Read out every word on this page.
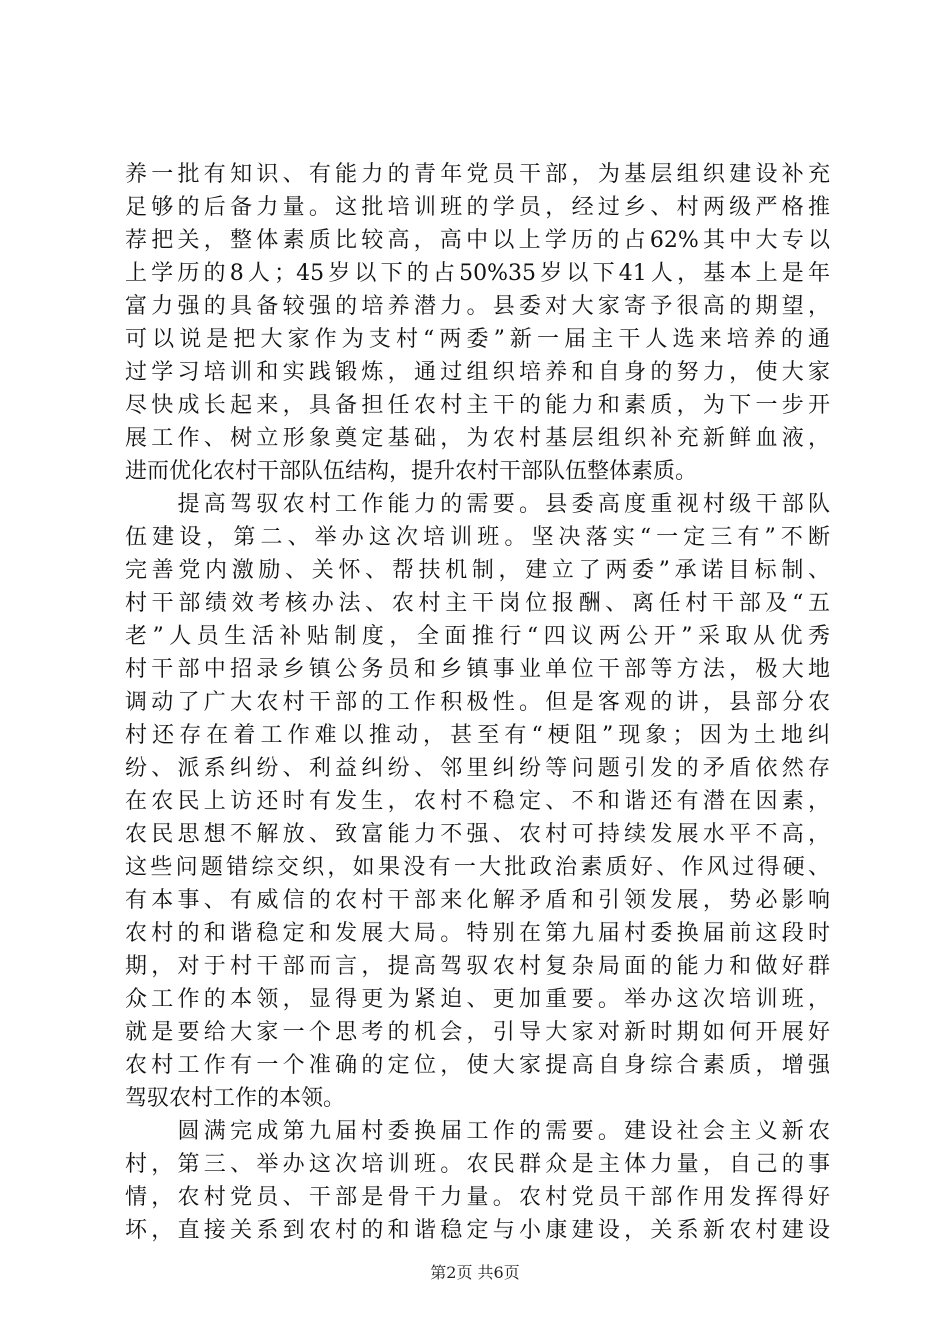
养一批有知识、有能力的青年党员干部，为基层组织建设补充
足够的后备力量。这批培训班的学员，经过乡、村两级严格推
荐把关，整体素质比较高，高中以上学历的占62%其中大专以
上学历的8人；45岁以下的占50%35岁以下41人，基本上是年
富力强的具备较强的培养潜力。县委对大家寄予很高的期望，
可以说是把大家作为支村“两委”新一届主干人选来培养的通
过学习培训和实践锻炼，通过组织培养和自身的努力，使大家
尽快成长起来，具备担任农村主干的能力和素质，为下一步开
展工作、树立形象奠定基础，为农村基层组织补充新鲜血液，
进而优化农村干部队伍结构，提升农村干部队伍整体素质。
　　提高驾驭农村工作能力的需要。县委高度重视村级干部队
伍建设，第二、举办这次培训班。坚决落实“一定三有”不断
完善党内激励、关怀、帮扶机制，建立了两委”承诺目标制、
村干部绩效考核办法、农村主干岗位报酬、离任村干部及“五
老”人员生活补贴制度，全面推行“四议两公开”采取从优秀
村干部中招录乡镇公务员和乡镇事业单位干部等方法，极大地
调动了广大农村干部的工作积极性。但是客观的讲，县部分农
村还存在着工作难以推动，甚至有“梗阻”现象；因为土地纠
纷、派系纠纷、利益纠纷、邻里纠纷等问题引发的矛盾依然存
在农民上访还时有发生，农村不稳定、不和谐还有潜在因素，
农民思想不解放、致富能力不强、农村可持续发展水平不高，
这些问题错综交织，如果没有一大批政治素质好、作风过得硬、
有本事、有威信的农村干部来化解矛盾和引领发展，势必影响
农村的和谐稳定和发展大局。特别在第九届村委换届前这段时
期，对于村干部而言，提高驾驭农村复杂局面的能力和做好群
众工作的本领，显得更为紧迫、更加重要。举办这次培训班，
就是要给大家一个思考的机会，引导大家对新时期如何开展好
农村工作有一个准确的定位，使大家提高自身综合素质，增强
驾驭农村工作的本领。
　　圆满完成第九届村委换届工作的需要。建设社会主义新农
村，第三、举办这次培训班。农民群众是主体力量，自己的事
情，农村党员、干部是骨干力量。农村党员干部作用发挥得好
坏，直接关系到农村的和谐稳定与小康建设，关系新农村建设
第2页 共6页
